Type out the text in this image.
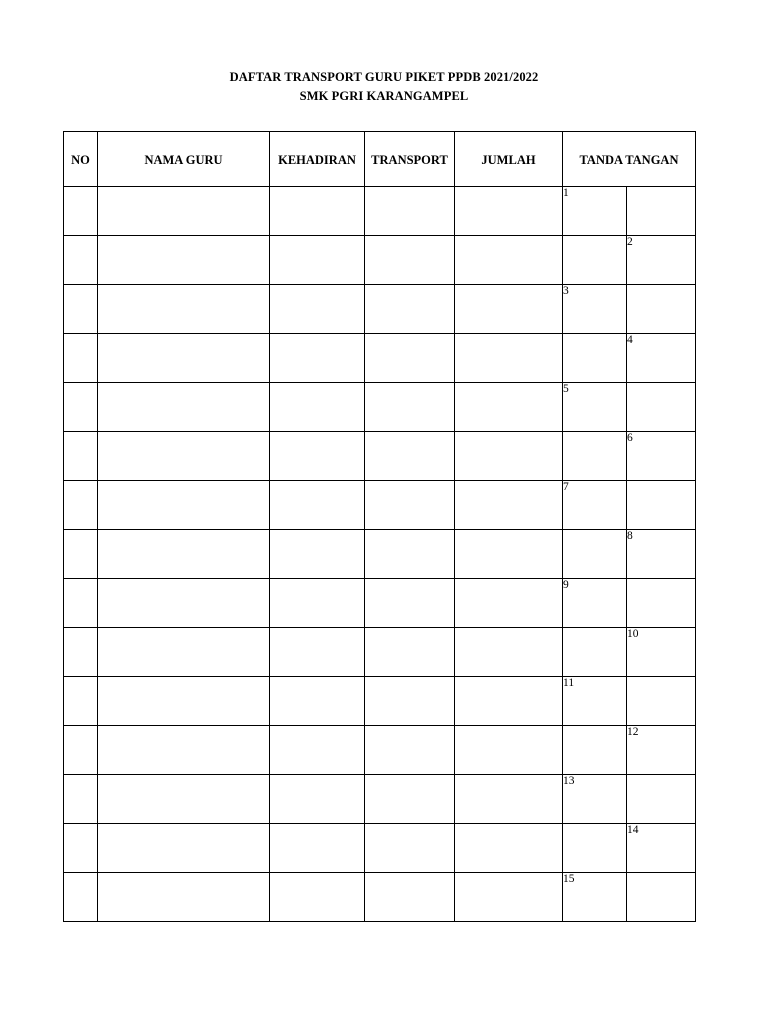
DAFTAR TRANSPORT GURU PIKET PPDB 2021/2022
SMK PGRI KARANGAMPEL
NO	NAMA GURU	KEHADIRAN	TRANSPORT	JUMLAH	TANDA TANGAN	

					1	

						2

					3	

						4

					5	

						6

					7	

						8

					9	

						10

					11	

						12

					13	

						14

					15	
